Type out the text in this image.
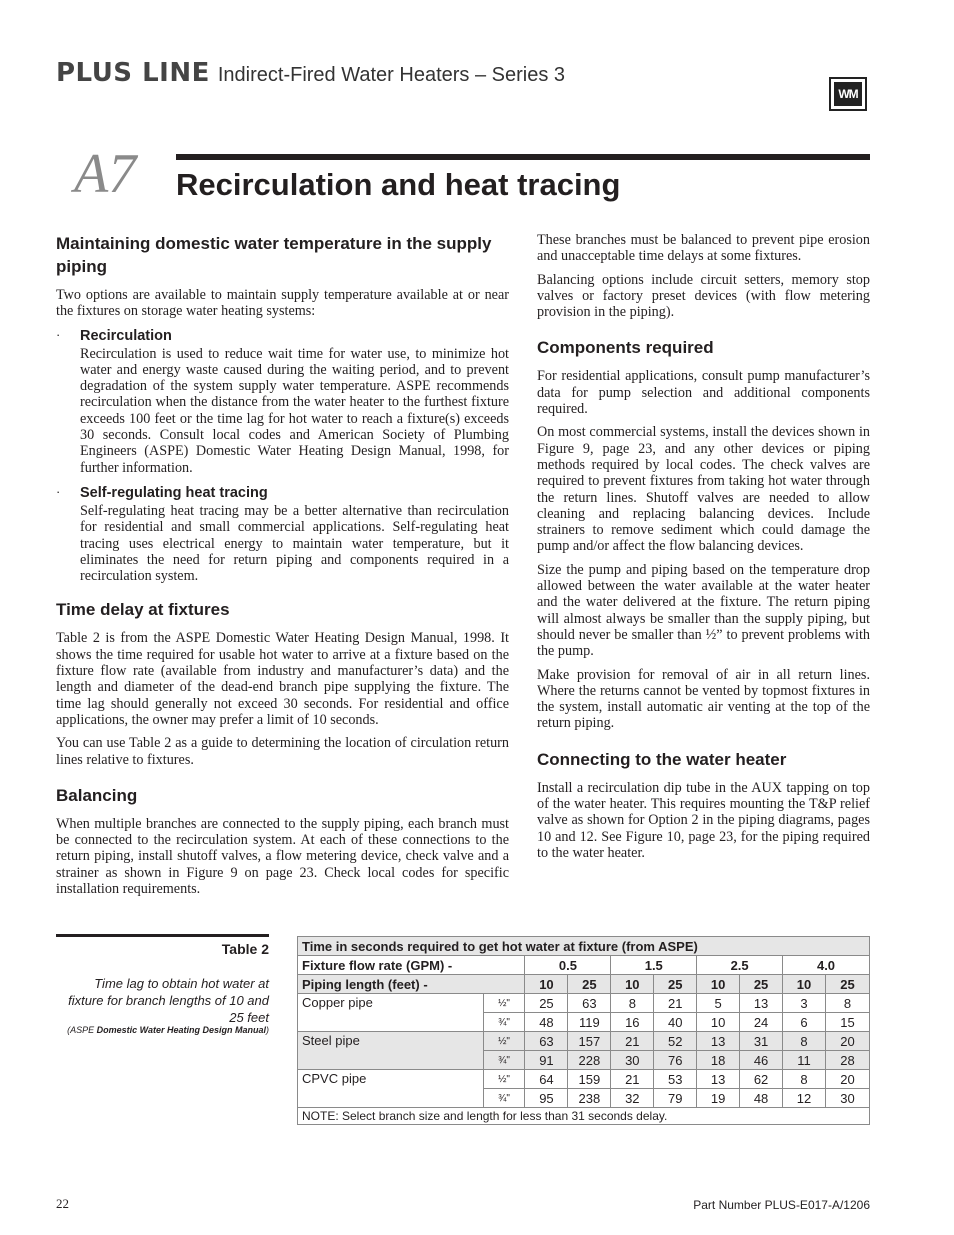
PLUS LINE Indirect-Fired Water Heaters – Series 3
WM
A7 Recirculation and heat tracing
Maintaining domestic water temperature in the supply piping

Two options are available to maintain supply temperature available at or near the fixtures on storage water heating systems:

· Recirculation

Recirculation is used to reduce wait time for water use, to minimize hot water and energy waste caused during the waiting period, and to prevent degradation of the system supply water temperature. ASPE recommends recirculation when the distance from the water heater to the furthest fixture exceeds 100 feet or the time lag for hot water to reach a fixture(s) exceeds 30 seconds. Consult local codes and American Society of Plumbing Engineers (ASPE) Domestic Water Heating Design Manual, 1998, for further information.

· Self-regulating heat tracing

Self-regulating heat tracing may be a better alternative than recirculation for residential and small commercial applications. Self-regulating heat tracing uses electrical energy to maintain water temperature, but it eliminates the need for return piping and components required in a recirculation system.

Time delay at fixtures

Table 2 is from the ASPE Domestic Water Heating Design Manual, 1998. It shows the time required for usable hot water to arrive at a fixture based on the fixture flow rate (available from industry and manufacturer’s data) and the length and diameter of the dead-end branch pipe supplying the fixture. The time lag should generally not exceed 30 seconds. For residential and office applications, the owner may prefer a limit of 10 seconds.

You can use Table 2 as a guide to determining the location of circulation return lines relative to fixtures.

Balancing

When multiple branches are connected to the supply piping, each branch must be connected to the recirculation system. At each of these connections to the return piping, install shutoff valves, a flow metering device, check valve and a strainer as shown in Figure 9 on page 23. Check local codes for specific installation requirements.

These branches must be balanced to prevent pipe erosion and unacceptable time delays at some fixtures.

Balancing options include circuit setters, memory stop valves or factory preset devices (with flow metering provision in the piping).

Components required

For residential applications, consult pump manufacturer’s data for pump selection and additional components required.

On most commercial systems, install the devices shown in Figure 9, page 23, and any other devices or piping methods required by local codes. The check valves are required to prevent fixtures from taking hot water through the return lines. Shutoff valves are needed to allow cleaning and replacing balancing devices. Include strainers to remove sediment which could damage the pump and/or affect the flow balancing devices.

Size the pump and piping based on the temperature drop allowed between the water available at the water heater and the water delivered at the fixture. The return piping will almost always be smaller than the supply piping, but should never be smaller than ½” to prevent problems with the pump.

Make provision for removal of air in all return lines. Where the returns cannot be vented by topmost fixtures in the system, install automatic air venting at the top of the return piping.

Connecting to the water heater

Install a recirculation dip tube in the AUX tapping on top of the water heater. This requires mounting the T&P relief valve as shown for Option 2 in the piping diagrams, pages 10 and 12. See Figure 10, page 23, for the piping required to the water heater.

Table 2
Time lag to obtain hot water at fixture for branch lengths of 10 and 25 feet
(ASPE Domestic Water Heating Design Manual)
Time in seconds required to get hot water at fixture (from ASPE)									
Fixture flow rate (GPM) -		0.5		1.5		2.5		4.0	
Piping length (feet) -		10	25	10	25	10	25	10	25
Copper pipe	½"	25	63	8	21	5	13	3	8
	¾"	48	119	16	40	10	24	6	15
Steel pipe	½"	63	157	21	52	13	31	8	20
	¾"	91	228	30	76	18	46	11	28
CPVC pipe	½"	64	159	21	53	13	62	8	20
	¾"	95	238	32	79	19	48	12	30
NOTE: Select branch size and length for less than 31 seconds delay.									
22	Part Number PLUS-E017-A/1206
